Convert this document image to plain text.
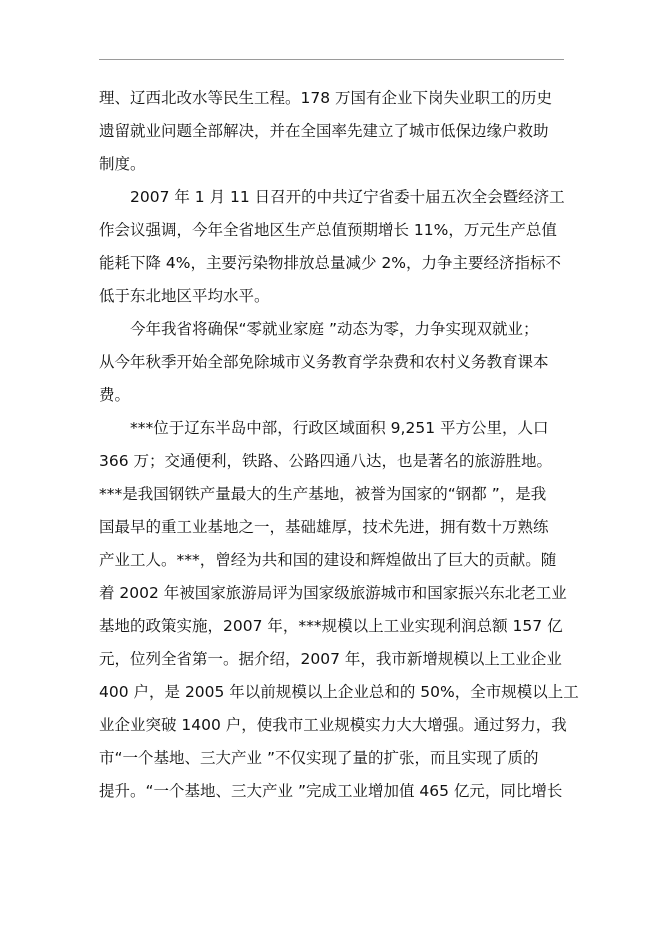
理、辽西北改水等民生工程。178 万国有企业下岗失业职工的历史
遗留就业问题全部解决，并在全国率先建立了城市低保边缘户救助
制度。
2007 年 1 月 11 日召开的中共辽宁省委十届五次全会暨经济工
作会议强调，今年全省地区生产总值预期增长 11%，万元生产总值
能耗下降 4%，主要污染物排放总量减少 2%，力争主要经济指标不
低于东北地区平均水平。
今年我省将确保“零就业家庭 ”动态为零，力争实现双就业；
从今年秋季开始全部免除城市义务教育学杂费和农村义务教育课本
费。
***位于辽东半岛中部，行政区域面积 9,251 平方公里，人口
366 万；交通便利，铁路、公路四通八达，也是著名的旅游胜地。
***是我国钢铁产量最大的生产基地，被誉为国家的“钢都 ”，是我
国最早的重工业基地之一，基础雄厚，技术先进，拥有数十万熟练
产业工人。***，曾经为共和国的建设和辉煌做出了巨大的贡献。随
着 2002 年被国家旅游局评为国家级旅游城市和国家振兴东北老工业
基地的政策实施，2007 年，***规模以上工业实现利润总额 157 亿
元，位列全省第一。据介绍，2007 年，我市新增规模以上工业企业
400 户，是 2005 年以前规模以上企业总和的 50%，全市规模以上工
业企业突破 1400 户，使我市工业规模实力大大增强。通过努力，我
市“一个基地、三大产业 ”不仅实现了量的扩张，而且实现了质的
提升。“一个基地、三大产业 ”完成工业增加值 465 亿元，同比增长
